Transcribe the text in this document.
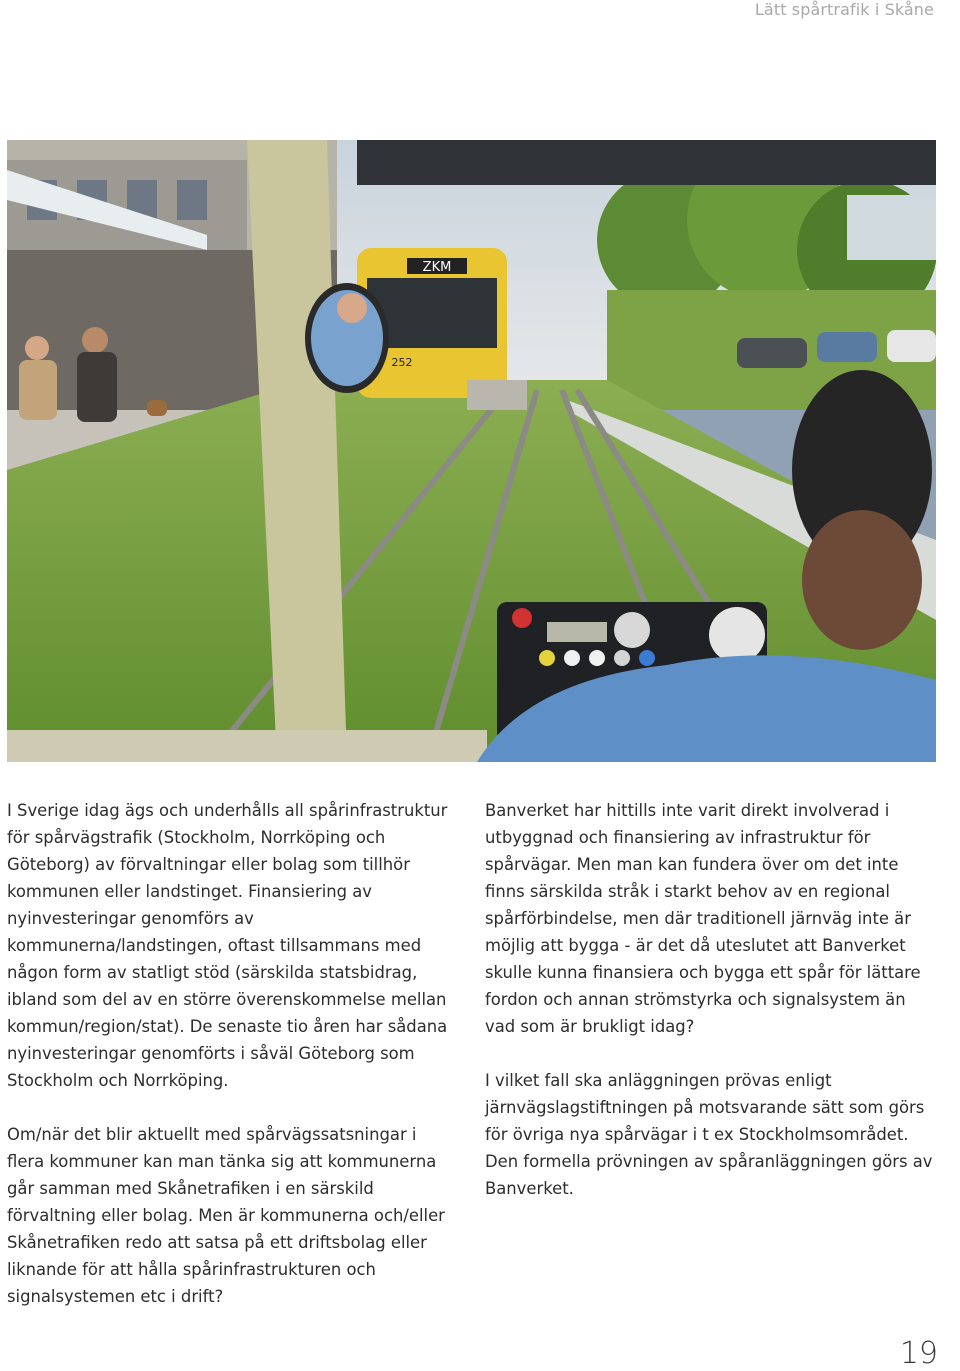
Lätt spårtrafik i Skåne
ZKM
252

I Sverige idag ägs och underhålls all spårinfrastruktur för spårvägstrafik (Stockholm, Norrköping och Göteborg) av förvaltningar eller bolag som tillhör kommunen eller landstinget. Finansiering av nyinvesteringar genomförs av kommunerna/landstingen, oftast tillsammans med någon form av statligt stöd (särskilda statsbidrag, ibland som del av en större överenskommelse mellan kommun/region/stat). De senaste tio åren har sådana nyinvesteringar genomförts i såväl Göteborg som Stockholm och Norrköping.

Om/när det blir aktuellt med spårvägssatsningar i flera kommuner kan man tänka sig att kommunerna går samman med Skånetrafiken i en särskild förvaltning eller bolag. Men är kommunerna och/eller Skånetrafiken redo att satsa på ett driftsbolag eller liknande för att hålla spårinfrastrukturen och signalsystemen etc i drift?

Banverket har hittills inte varit direkt involverad i utbyggnad och finansiering av infrastruktur för spårvägar. Men man kan fundera över om det inte finns särskilda stråk i starkt behov av en regional spårförbindelse, men där traditionell järnväg inte är möjlig att bygga - är det då uteslutet att Banverket skulle kunna finansiera och bygga ett spår för lättare fordon och annan strömstyrka och signalsystem än vad som är brukligt idag?

I vilket fall ska anläggningen prövas enligt järnvägslagstiftningen på motsvarande sätt som görs för övriga nya spårvägar i t ex Stockholmsområdet. Den formella prövningen av spåranläggningen görs av Banverket.

19
